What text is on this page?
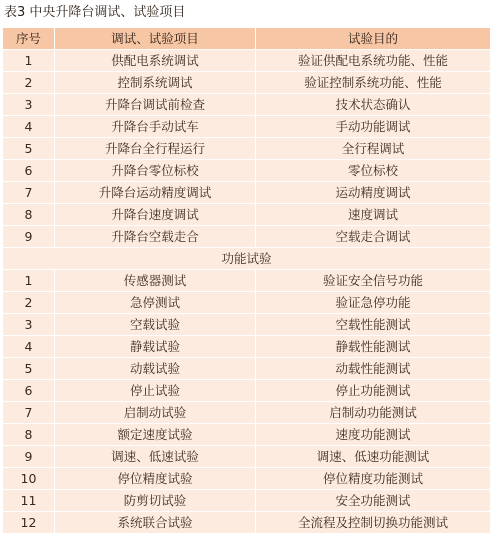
表3 中央升降台调试、试验项目
序号	调试、试验项目	试验目的
1	供配电系统调试	验证供配电系统功能、性能
2	控制系统调试	验证控制系统功能、性能
3	升降台调试前检查	技术状态确认
4	升降台手动试车	手动功能调试
5	升降台全行程运行	全行程调试
6	升降台零位标校	零位标校
7	升降台运动精度调试	运动精度调试
8	升降台速度调试	速度调试
9	升降台空载走合	空载走合调试
功能试验
1	传感器测试	验证安全信号功能
2	急停测试	验证急停功能
3	空载试验	空载性能测试
4	静载试验	静载性能测试
5	动载试验	动载性能测试
6	停止试验	停止功能测试
7	启制动试验	启制动功能测试
8	额定速度试验	速度功能测试
9	调速、低速试验	调速、低速功能测试
10	停位精度试验	停位精度功能测试
11	防剪切试验	安全功能测试
12	系统联合试验	全流程及控制切换功能测试
